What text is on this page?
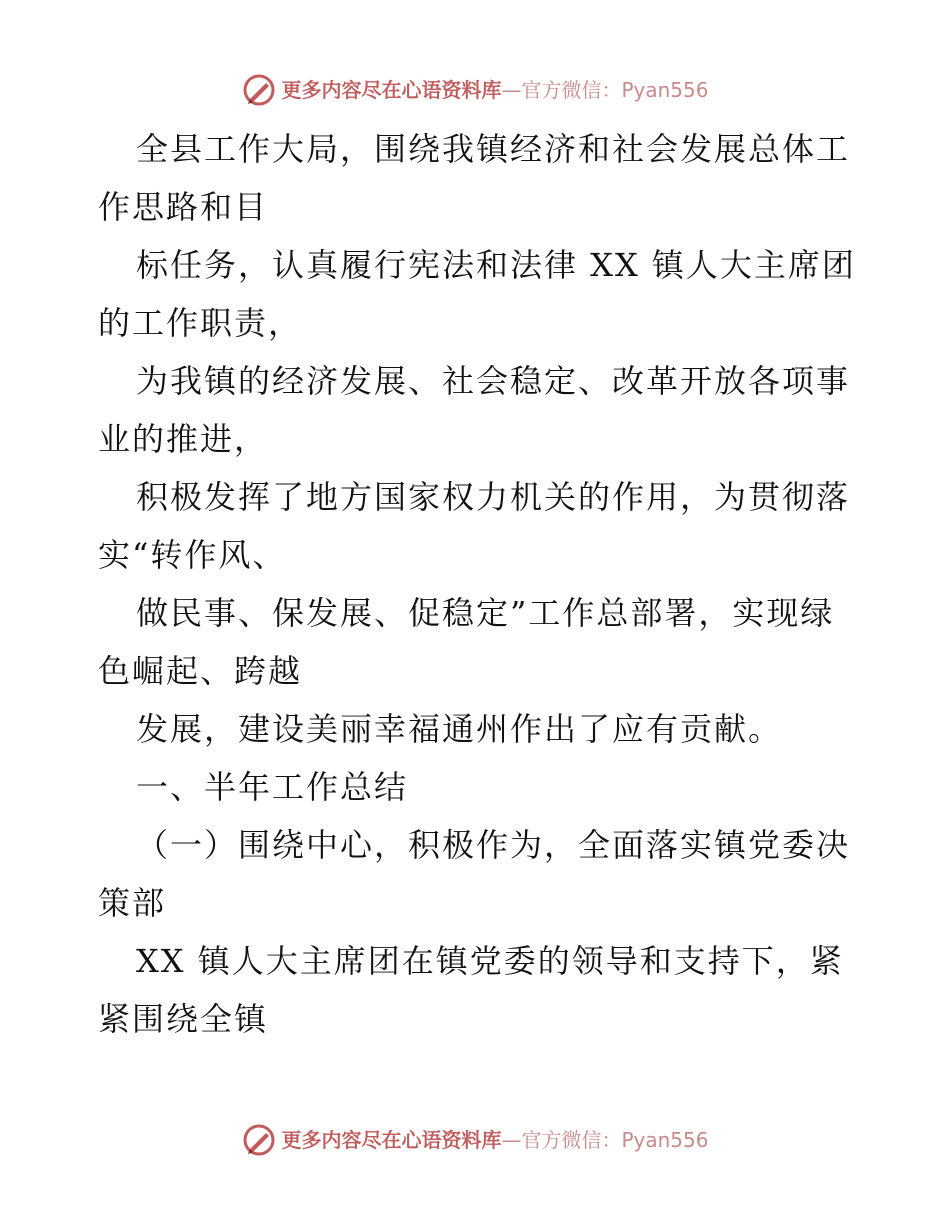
更多内容尽在心语资料库—官方微信：Pyan556
全县工作大局，围绕我镇经济和社会发展总体工
作思路和目
标任务，认真履行宪法和法律 XX 镇人大主席团
的工作职责，
为我镇的经济发展、社会稳定、改革开放各项事
业的推进，
积极发挥了地方国家权力机关的作用，为贯彻落
实“转作风、
做民事、保发展、促稳定”工作总部署，实现绿
色崛起、跨越
发展，建设美丽幸福通州作出了应有贡献。
一、半年工作总结
（一）围绕中心，积极作为，全面落实镇党委决
策部
XX 镇人大主席团在镇党委的领导和支持下，紧
紧围绕全镇
更多内容尽在心语资料库—官方微信：Pyan556
